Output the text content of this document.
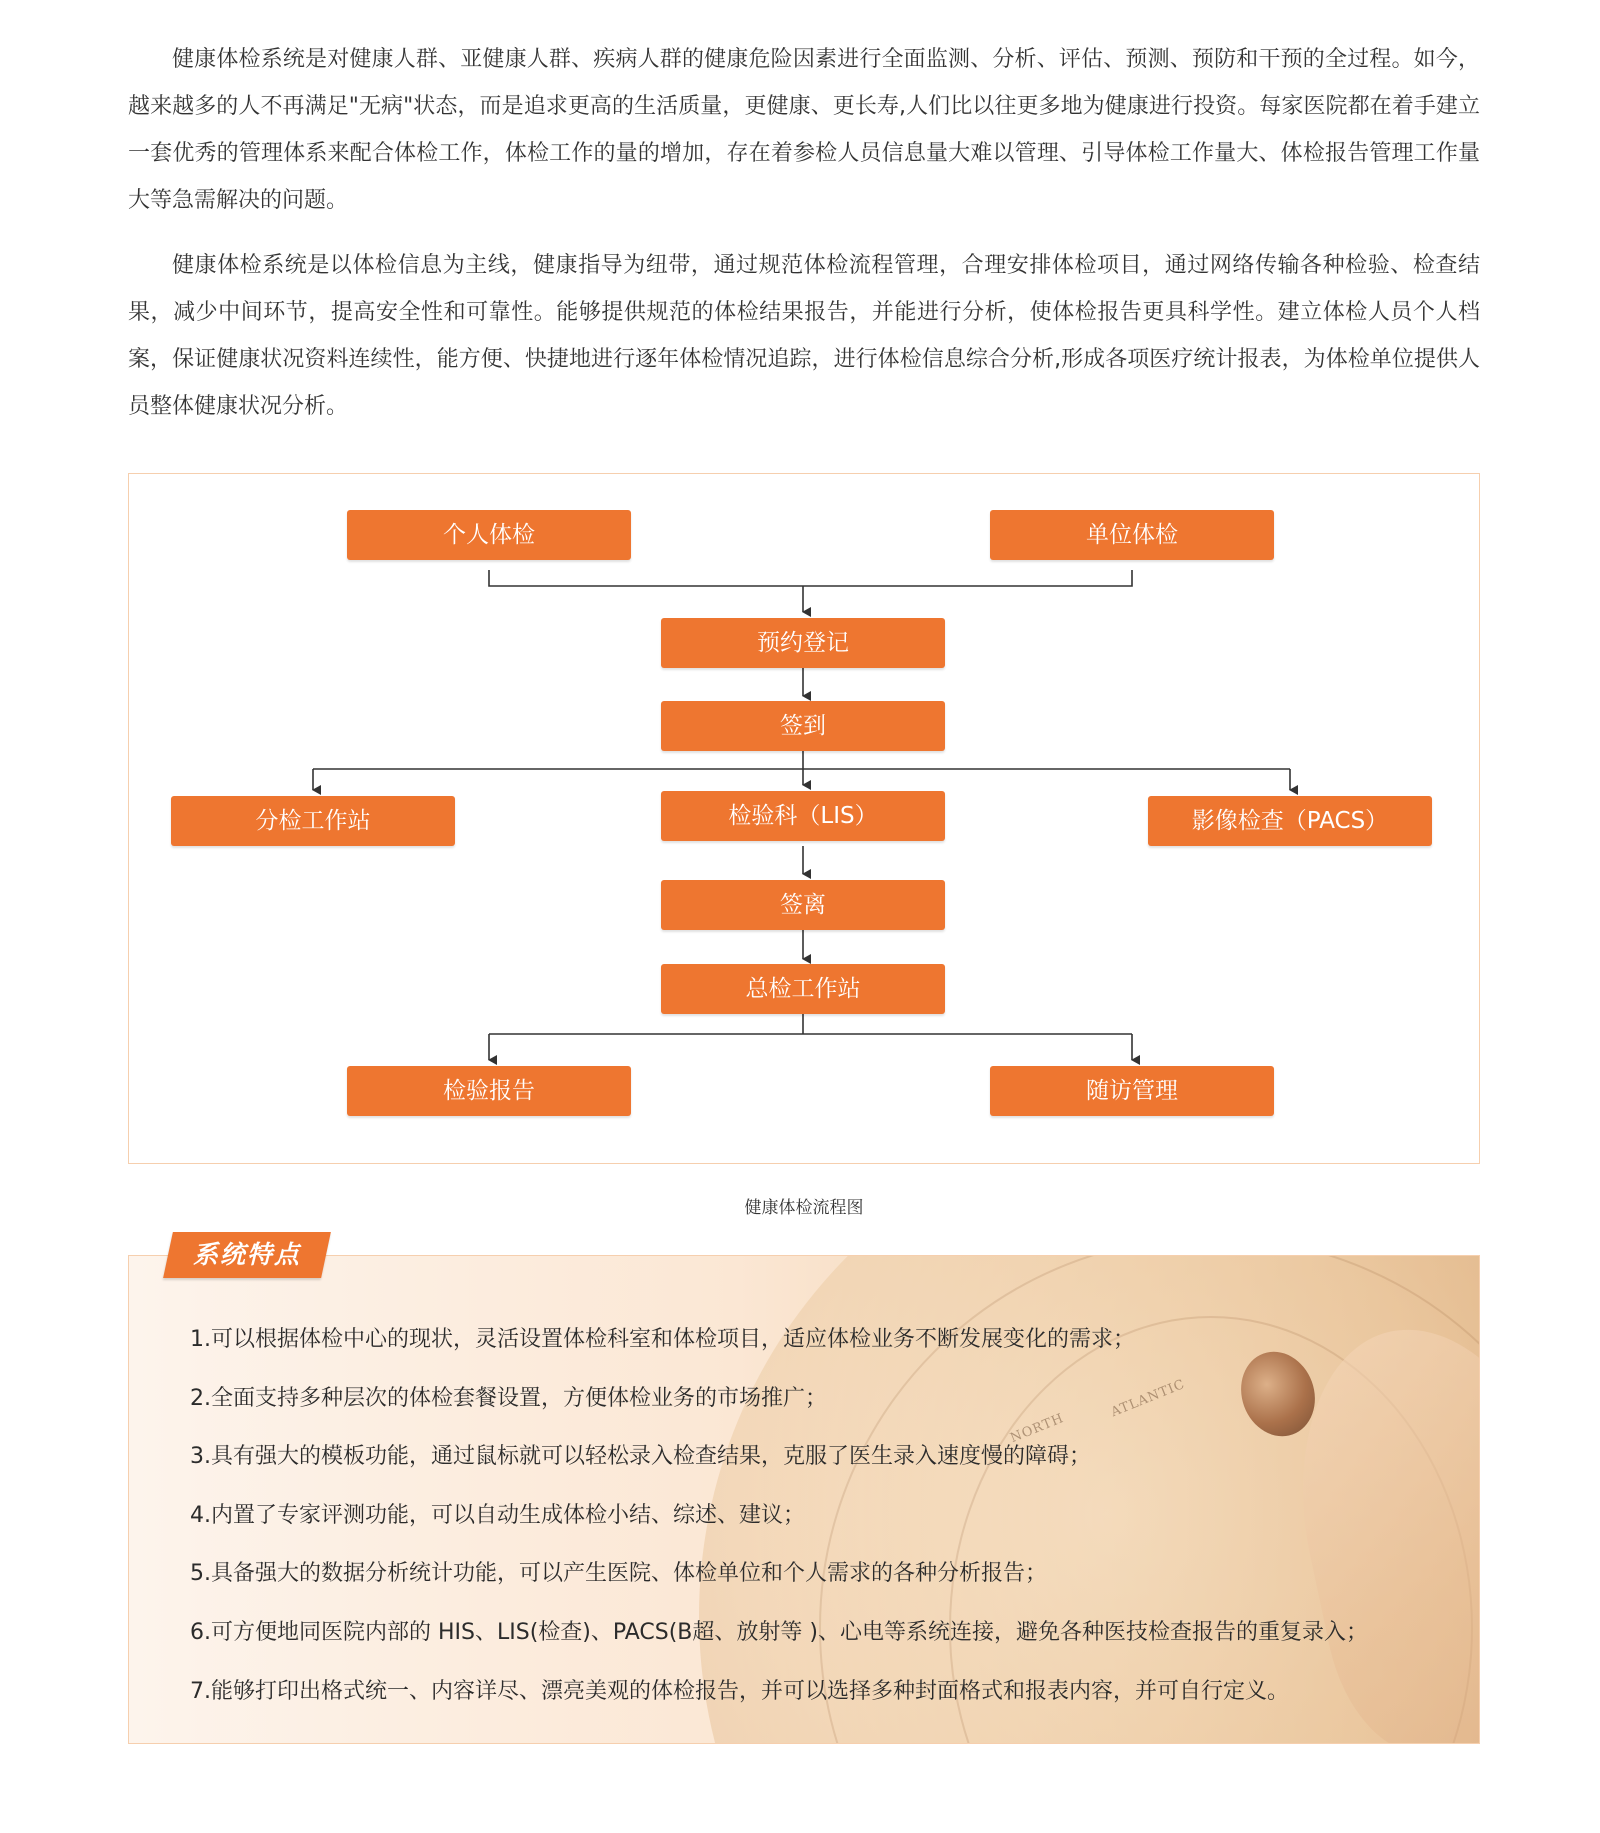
健康体检系统是对健康人群、亚健康人群、疾病人群的健康危险因素进行全面监测、分析、评估、预测、预防和干预的全过程。如今，越来越多的人不再满足"无病"状态，而是追求更高的生活质量，更健康、更长寿,人们比以往更多地为健康进行投资。每家医院都在着手建立一套优秀的管理体系来配合体检工作，体检工作的量的增加，存在着参检人员信息量大难以管理、引导体检工作量大、体检报告管理工作量大等急需解决的问题。

健康体检系统是以体检信息为主线，健康指导为纽带，通过规范体检流程管理，合理安排体检项目，通过网络传输各种检验、检查结果，减少中间环节，提高安全性和可靠性。能够提供规范的体检结果报告，并能进行分析，使体检报告更具科学性。建立体检人员个人档案，保证健康状况资料连续性，能方便、快捷地进行逐年体检情况追踪，进行体检信息综合分析,形成各项医疗统计报表，为体检单位提供人员整体健康状况分析。

个人体检	单位体检
预约登记
签到
分检工作站	检验科（LIS）	影像检查（PACS）
签离
总检工作站
检验报告	随访管理
健康体检流程图
NORTH
ATLANTIC
系统特点
1.可以根据体检中心的现状，灵活设置体检科室和体检项目，适应体检业务不断发展变化的需求；
2.全面支持多种层次的体检套餐设置，方便体检业务的市场推广；
3.具有强大的模板功能，通过鼠标就可以轻松录入检查结果，克服了医生录入速度慢的障碍；
4.内置了专家评测功能，可以自动生成体检小结、综述、建议；
5.具备强大的数据分析统计功能，可以产生医院、体检单位和个人需求的各种分析报告；
6.可方便地同医院内部的 HIS、LIS(检查)、PACS(B超、放射等 )、心电等系统连接，避免各种医技检查报告的重复录入；
7.能够打印出格式统一、内容详尽、漂亮美观的体检报告，并可以选择多种封面格式和报表内容，并可自行定义。
